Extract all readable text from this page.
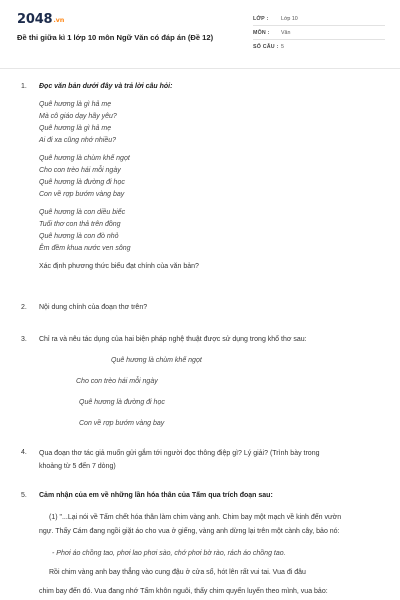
2048.vn
Đề thi giữa kì 1 lớp 10 môn Ngữ Văn có đáp án (Đề 12)
LỚP :	Lớp 10
MÔN :	Văn
SỐ CÂU : 5
1. Đọc văn bản dưới đây và trả lời câu hỏi:
Quê hương là gì hả mẹ
Mà cô giáo dạy hãy yêu?
Quê hương là gì hả mẹ
Ai đi xa cũng nhớ nhiều?
Quê hương là chùm khế ngọt
Cho con trèo hái mỗi ngày
Quê hương là đường đi học
Con về rợp bướm vàng bay
Quê hương là con diều biếc
Tuổi thơ con thả trên đồng
Quê hương là con đò nhỏ
Êm đềm khua nước ven sông
Xác định phương thức biểu đạt chính của văn bản?
2. Nội dung chính của đoạn thơ trên?
3. Chỉ ra và nêu tác dụng của hai biện pháp nghệ thuật được sử dụng trong khổ thơ sau:
Quê hương là chùm khế ngọt
Cho con trèo hái mỗi ngày
Quê hương là đường đi học
Con về rợp bướm vàng bay
4. Qua đoạn thơ tác giả muốn gửi gắm tới người đọc thông điệp gì? Lý giải? (Trình bày trong
khoảng từ 5 đến 7 dòng)
5. Cảm nhận của em về những lần hóa thân của Tấm qua trích đoạn sau:
(1) "...Lại nói về Tấm chết hóa thân làm chim vàng anh. Chim bay một mạch về kinh đến vườn
ngự. Thấy Cám đang ngồi giặt áo cho vua ở giếng, vàng anh dừng lại trên một cành cây, bảo nó:
- Phơi áo chồng tao, phơi lao phơi sào, chớ phơi bờ rào, rách áo chồng tao.
Rồi chim vàng anh bay thẳng vào cung đậu ở cửa sổ, hót lên rất vui tai. Vua đi đâu
chim bay đến đó. Vua đang nhớ Tấm khôn nguôi, thấy chim quyến luyến theo mình, vua bảo:
